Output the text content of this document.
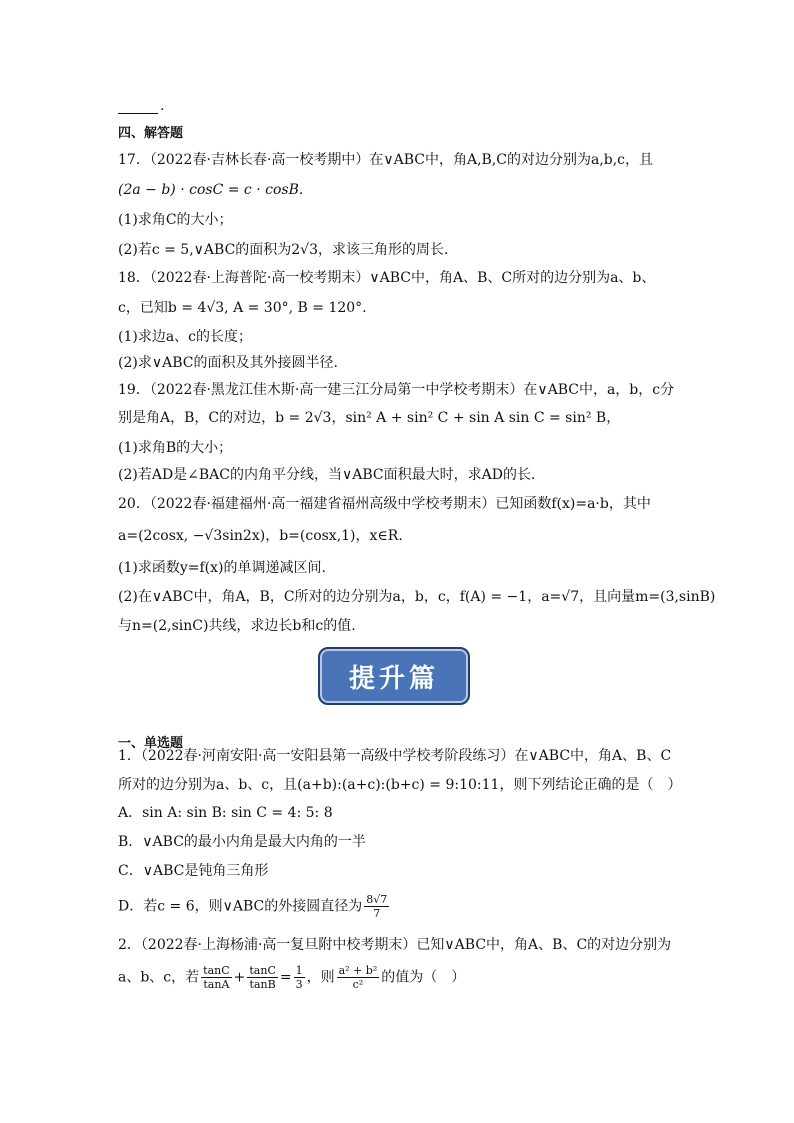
.
四、解答题
17．（2022春·吉林长春·高一校考期中）在∨ABC中，角A,B,C的对边分别为a,b,c，且
(2a − b) · cosC = c · cosB.
(1)求角C的大小；
(2)若c = 5,∨ABC的面积为2√3，求该三角形的周长.
18．（2022春·上海普陀·高一校考期末）∨ABC中，角A、B、C所对的边分别为a、b、
c，已知b = 4√3, A = 30°, B = 120°.
(1)求边a、c的长度；
(2)求∨ABC的面积及其外接圆半径.
19．（2022春·黑龙江佳木斯·高一建三江分局第一中学校考期末）在∨ABC中，a，b，c分
别是角A，B，C的对边，b = 2√3，sin² A + sin² C + sin A sin C = sin² B，
(1)求角B的大小；
(2)若AD是∠BAC的内角平分线，当∨ABC面积最大时，求AD的长．
20．（2022春·福建福州·高一福建省福州高级中学校考期末）已知函数f(x)=a·b，其中
a=(2cosx, −√3sin2x)，b=(cosx,1)，x∈R.
(1)求函数y=f(x)的单调递减区间.
(2)在∨ABC中，角A，B，C所对的边分别为a，b，c，f(A) = −1，a=√7，且向量m=(3,sinB)
与n=(2,sinC)共线，求边长b和c的值.
提升篇
一、单选题
1．（2022春·河南安阳·高一安阳县第一高级中学校考阶段练习）在∨ABC中，角A、B、C
所对的边分别为a、b、c，且(a+b):(a+c):(b+c) = 9:10:11，则下列结论正确的是（　）
A．sin A: sin B: sin C = 4: 5: 8
B．∨ABC的最小内角是最大内角的一半
C．∨ABC是钝角三角形
D．若c = 6，则∨ABC的外接圆直径为 $\frac{8√7}{7}$
2．（2022春·上海杨浦·高一复旦附中校考期末）已知∨ABC中，角A、B、C的对边分别为
a、b、c，若 $\frac{\tan C}{\tan A} + \frac{\tan C}{\tan B} = \frac{1}{3}$ ，则 $\frac{\text{a² + b²}}{\text{c²}}$ 的值为（　）
